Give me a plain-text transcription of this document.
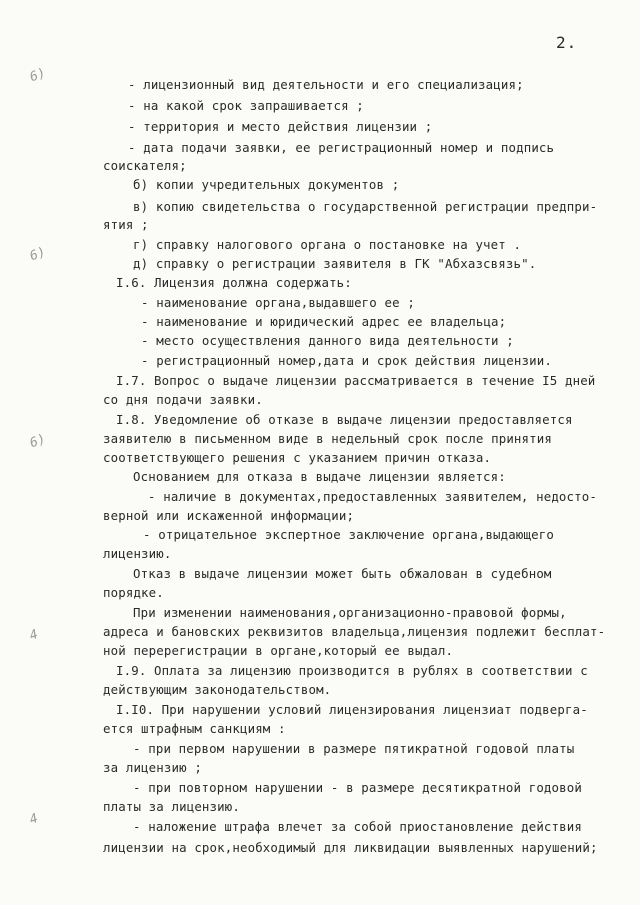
2.
6)
6)
6)
4
4
- лицензионный вид деятельности и его специализация;
- на какой срок запрашивается ;
- территория и место действия лицензии ;
- дата подачи заявки, ее регистрационный номер и подпись
соискателя;
б) копии учредительных документов ;
в) копию свидетельства о государственной регистрации предпри-
ятия ;
г) справку налогового органа о постановке на учет .
д) справку о регистрации заявителя в ГК "Абхазсвязь".
I.6. Лицензия должна содержать:
- наименование органа,выдавшего ее ;
- наименование и юридический адрес ее владельца;
- место осуществления данного вида деятельности ;
- регистрационный номер,дата и срок действия лицензии.
I.7. Вопрос о выдаче лицензии рассматривается в течение I5 дней
со дня подачи заявки.
I.8. Уведомление об отказе в выдаче лицензии предоставляется
заявителю в письменном виде в недельный срок после принятия
соответствующего решения с указанием причин отказа.
Основанием для отказа в выдаче лицензии является:
- наличие в документах,предоставленных заявителем, недосто-
верной или искаженной информации;
- отрицательное экспертное заключение органа,выдающего
лицензию.
Отказ в выдаче лицензии может быть обжалован в судебном
порядке.
При изменении наименования,организационно-правовой формы,
адреса и бановских реквизитов владельца,лицензия подлежит бесплат-
ной перерегистрации в органе,который ее выдал.
I.9. Оплата за лицензию производится в рублях в соответствии с
действующим законодательством.
I.I0. При нарушении условий лицензирования лицензиат подверга-
ется штрафным санкциям :
- при первом нарушении в размере пятикратной годовой платы
за лицензию ;
- при повторном нарушении - в размере десятикратной годовой
платы за лицензию.
- наложение штрафа влечет за собой приостановление действия
лицензии на срок,необходимый для ликвидации выявленных нарушений;
